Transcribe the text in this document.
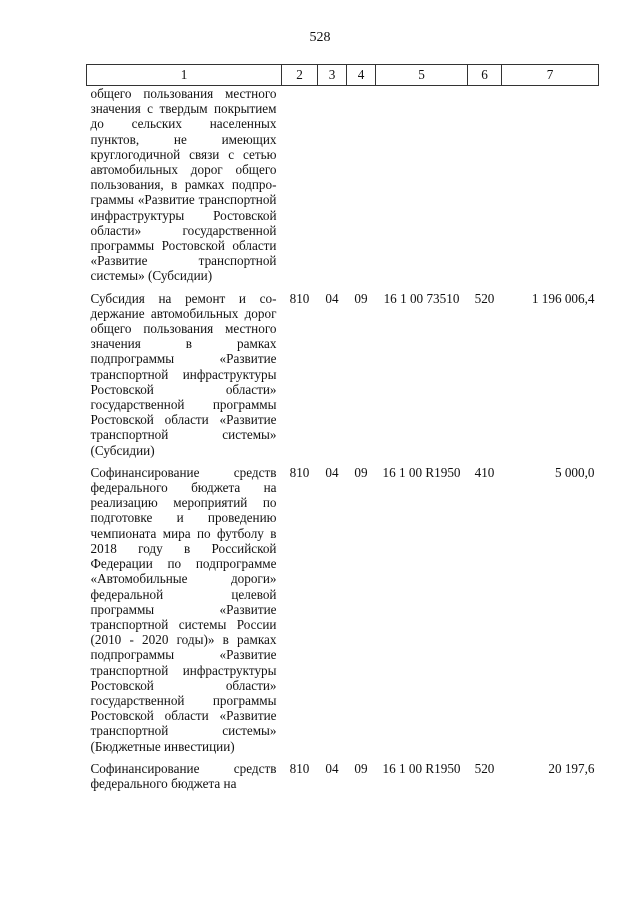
528
1	2	3	4	5	6	7
общего пользования местного значения с твердым покрытием до сельских населенных пунктов, не имеющих круглогодичной связи с сетью автомобильных дорог общего пользования, в рамках подпрограммы «Развитие транспортной инфраструктуры Ростовской области» государственной программы Ростовской области «Развитие транспортной системы» (Субсидии)						
Субсидия на ремонт и содержание автомобильных дорог общего пользования местного значения в рамках подпрограммы «Развитие транспортной инфраструктуры Ростовской области» государственной программы Ростовской области «Развитие транспортной системы» (Субсидии)	810	04	09	16 1 00 73510	520	1 196 006,4
Софинансирование средств федерального бюджета на реализацию мероприятий по подготовке и проведению чемпионата мира по футболу в 2018 году в Российской Федерации по подпрограмме «Автомобильные дороги» федеральной целевой программы «Развитие транспортной системы России (2010 - 2020 годы)» в рамках подпрограммы «Развитие транспортной инфраструктуры Ростовской области» государственной программы Ростовской области «Развитие транспортной системы» (Бюджетные инвестиции)	810	04	09	16 1 00 R1950	410	5 000,0
Софинансирование средств федерального бюджета на	810	04	09	16 1 00 R1950	520	20 197,6
